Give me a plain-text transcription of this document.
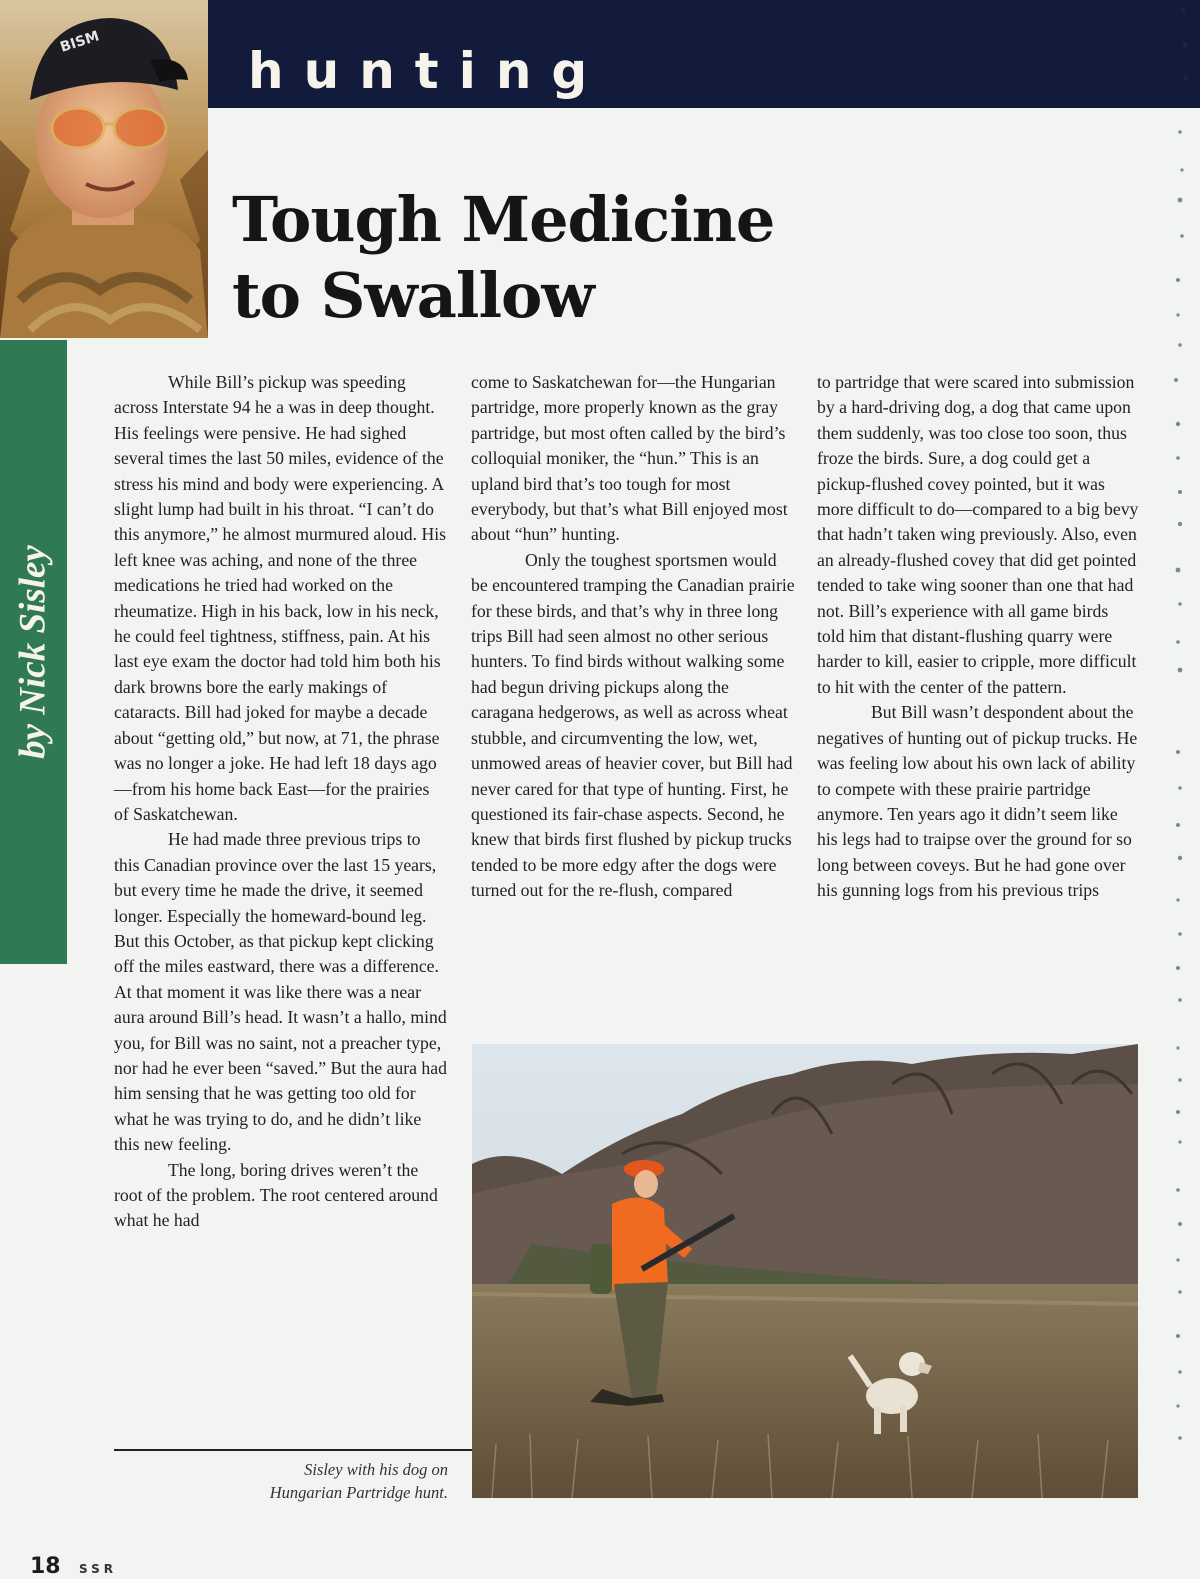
hunting
BISM
Tough Medicine
to Swallow
by Nick Sisley

While Bill’s pickup was speeding across Interstate 94 he a was in deep thought. His feelings were pensive. He had sighed several times the last 50 miles, evidence of the stress his mind and body were experiencing. A slight lump had built in his throat. “I can’t do this anymore,” he almost murmured aloud. His left knee was aching, and none of the three medications he tried had worked on the rheumatize. High in his back, low in his neck, he could feel tightness, stiffness, pain. At his last eye exam the doctor had told him both his dark browns bore the early makings of cataracts. Bill had joked for maybe a decade about “getting old,” but now, at 71, the phrase was no longer a joke. He had left 18 days ago—from his home back East—for the prairies of Saskatchewan.

He had made three previous trips to this Canadian province over the last 15 years, but every time he made the drive, it seemed longer. Especially the homeward-bound leg. But this October, as that pickup kept clicking off the miles eastward, there was a difference. At that moment it was like there was a near aura around Bill’s head. It wasn’t a hallo, mind you, for Bill was no saint, not a preacher type, nor had he ever been “saved.” But the aura had him sensing that he was getting too old for what he was trying to do, and he didn’t like this new feeling.

The long, boring drives weren’t the root of the problem. The root centered around what he had

come to Saskatchewan for—the Hungarian partridge, more properly known as the gray partridge, but most often called by the bird’s colloquial moniker, the “hun.” This is an upland bird that’s too tough for most everybody, but that’s what Bill enjoyed most about “hun” hunting.

Only the toughest sportsmen would be encountered tramping the Canadian prairie for these birds, and that’s why in three long trips Bill had seen almost no other serious hunters. To find birds without walking some had begun driving pickups along the caragana hedgerows, as well as across wheat stubble, and circumventing the low, wet, unmowed areas of heavier cover, but Bill had never cared for that type of hunting. First, he questioned its fair-chase aspects. Second, he knew that birds first flushed by pickup trucks tended to be more edgy after the dogs were turned out for the re-flush, compared

to partridge that were scared into submission by a hard-driving dog, a dog that came upon them suddenly, was too close too soon, thus froze the birds. Sure, a dog could get a pickup-flushed covey pointed, but it was more difficult to do—compared to a big bevy that hadn’t taken wing previously. Also, even an already-flushed covey that did get pointed tended to take wing sooner than one that had not. Bill’s experience with all game birds told him that distant-flushing quarry were harder to kill, easier to cripple, more difficult to hit with the center of the pattern.

But Bill wasn’t despondent about the negatives of hunting out of pickup trucks. He was feeling low about his own lack of ability to compete with these prairie partridge anymore. Ten years ago it didn’t seem like his legs had to traipse over the ground for so long between coveys. But he had gone over his gunning logs from his previous trips

Sisley with his dog on
Hungarian Partridge hunt.
18 SSR
